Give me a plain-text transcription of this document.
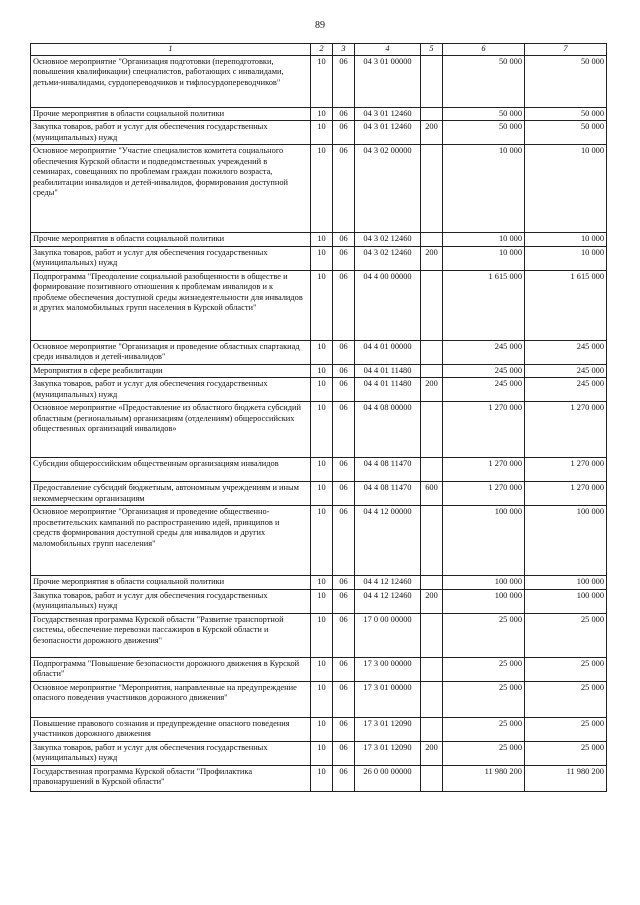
89
1	2	3	4	5	6	7
Основное мероприятие "Организация подготовки (переподготовки, повышения квалификации) специалистов, работающих с инвалидами, детьми-инвалидами, сурдопереводчиков и тифлосурдопереводчиков"	10	06	04 3 01 00000		50 000	50 000
Прочие мероприятия в области социальной политики	10	06	04 3 01 12460		50 000	50 000
Закупка товаров, работ и услуг для обеспечения государственных (муниципальных) нужд	10	06	04 3 01 12460	200	50 000	50 000
Основное мероприятие "Участие специалистов комитета социального обеспечения Курской области и подведомственных учреждений в семинарах, совещаниях по проблемам граждан пожилого возраста, реабилитации инвалидов и детей-инвалидов, формирования доступной среды"	10	06	04 3 02 00000		10 000	10 000
Прочие мероприятия в области социальной политики	10	06	04 3 02 12460		10 000	10 000
Закупка товаров, работ и услуг для обеспечения государственных (муниципальных) нужд	10	06	04 3 02 12460	200	10 000	10 000
Подпрограмма "Преодоление социальной разобщенности в обществе и формирование позитивного отношения к проблемам инвалидов и к проблеме обеспечения доступной среды жизнедеятельности для инвалидов и других маломобильных групп населения в Курской области"	10	06	04 4 00 00000		1 615 000	1 615 000
Основное мероприятие "Организация и проведение областных спартакиад среди инвалидов и детей-инвалидов"	10	06	04 4 01 00000		245 000	245 000
Мероприятия в сфере реабилитации	10	06	04 4 01 11480		245 000	245 000
Закупка товаров, работ и услуг для обеспечения государственных (муниципальных) нужд	10	06	04 4 01 11480	200	245 000	245 000
Основное мероприятие «Предоставление из областного бюджета субсидий областным (региональным) организациям (отделениям) общероссийских общественных организаций инвалидов»	10	06	04 4 08 00000		1 270 000	1 270 000
Субсидии общероссийским общественным организациям инвалидов	10	06	04 4 08 11470		1 270 000	1 270 000
Предоставление субсидий бюджетным, автономным учреждениям и иным некоммерческим организациям	10	06	04 4 08 11470	600	1 270 000	1 270 000
Основное мероприятие "Организация и проведение общественно-просветительских кампаний по распространению идей, принципов и средств формирования доступной среды для инвалидов и других маломобильных групп населения"	10	06	04 4 12 00000		100 000	100 000
Прочие мероприятия в области социальной политики	10	06	04 4 12 12460		100 000	100 000
Закупка товаров, работ и услуг для обеспечения государственных (муниципальных) нужд	10	06	04 4 12 12460	200	100 000	100 000
Государственная программа Курской области "Развитие транспортной системы, обеспечение перевозки пассажиров в Курской области и безопасности дорожного движения"	10	06	17 0 00 00000		25 000	25 000
Подпрограмма "Повышение безопасности дорожного движения в Курской области"	10	06	17 3 00 00000		25 000	25 000
Основное мероприятие "Мероприятия, направленные на предупреждение опасного поведения участников дорожного движения"	10	06	17 3 01 00000		25 000	25 000
Повышение правового сознания и предупреждение опасного поведения участников дорожного движения	10	06	17 3 01 12090		25 000	25 000
Закупка товаров, работ и услуг для обеспечения государственных (муниципальных) нужд	10	06	17 3 01 12090	200	25 000	25 000
Государственная программа Курской области "Профилактика правонарушений в Курской области"	10	06	26 0 00 00000		11 980 200	11 980 200
